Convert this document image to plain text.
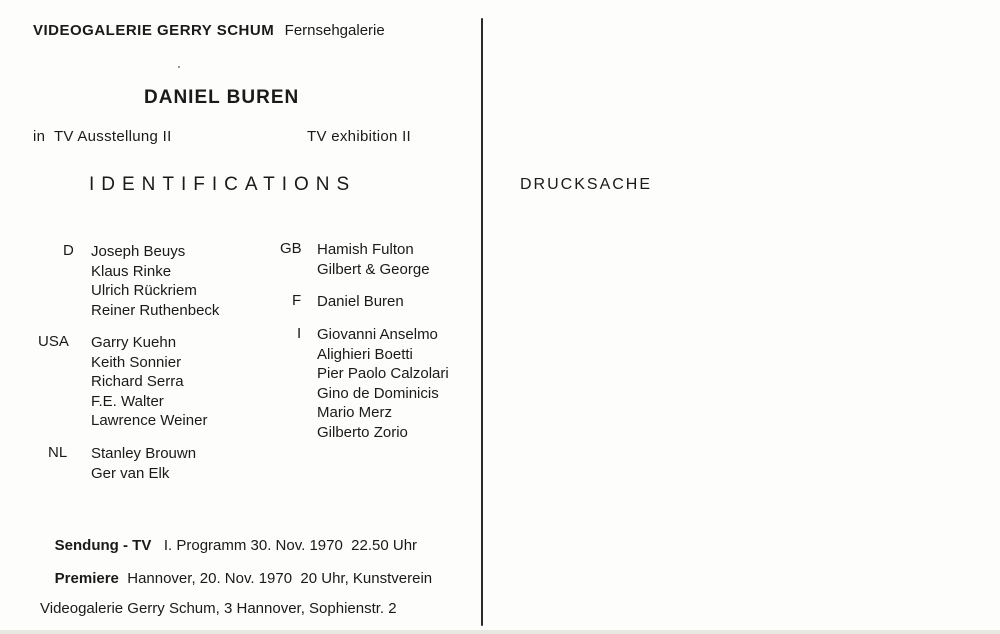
VIDEOGALERIE GERRY SCHUM Fernsehgalerie
DANIEL BUREN
in  TV Ausstellung II	TV exhibition II
IDENTIFICATIONS
D Joseph Beuys
Klaus Rinke
Ulrich Rückriem
Reiner Ruthenbeck
USA Garry Kuehn
Keith Sonnier
Richard Serra
F.E. Walter
Lawrence Weiner
NL Stanley Brouwn
Ger van Elk
GB Hamish Fulton
Gilbert & George
F Daniel Buren
I Giovanni Anselmo
Alighieri Boetti
Pier Paolo Calzolari
Gino de Dominicis
Mario Merz
Gilberto Zorio

Sendung - TV I. Programm 30. Nov. 1970  22.50 Uhr

Premiere Hannover, 20. Nov. 1970  20 Uhr, Kunstverein

Videogalerie Gerry Schum, 3 Hannover, Sophienstr. 2
DRUCKSACHE
